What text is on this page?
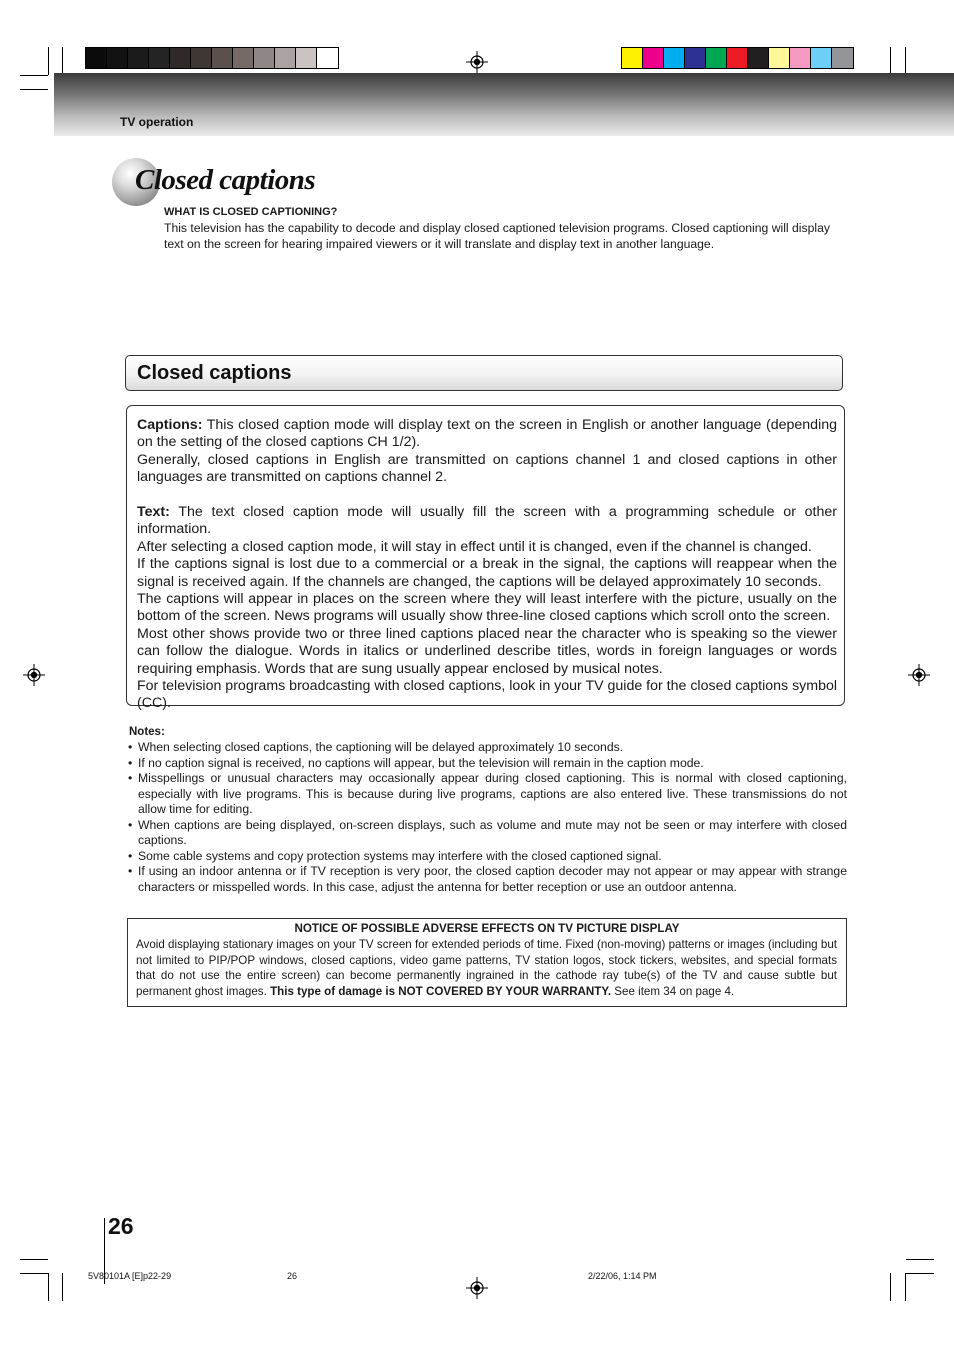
TV operation
Closed captions
WHAT IS CLOSED CAPTIONING?
This television has the capability to decode and display closed captioned television programs. Closed captioning will display text on the screen for hearing impaired viewers or it will translate and display text in another language.
Closed captions

Captions: This closed caption mode will display text on the screen in English or another language (depending on the setting of the closed captions CH 1/2).

Generally, closed captions in English are transmitted on captions channel 1 and closed captions in other languages are transmitted on captions channel 2.

Text: The text closed caption mode will usually fill the screen with a programming schedule or other information.

After selecting a closed caption mode, it will stay in effect until it is changed, even if the channel is changed.

If the captions signal is lost due to a commercial or a break in the signal, the captions will reappear when the signal is received again. If the channels are changed, the captions will be delayed approximately 10 seconds.

The captions will appear in places on the screen where they will least interfere with the picture, usually on the bottom of the screen. News programs will usually show three-line closed captions which scroll onto the screen.

Most other shows provide two or three lined captions placed near the character who is speaking so the viewer can follow the dialogue. Words in italics or underlined describe titles, words in foreign languages or words requiring emphasis. Words that are sung usually appear enclosed by musical notes.

For television programs broadcasting with closed captions, look in your TV guide for the closed captions symbol (CC).

Notes:
• When selecting closed captions, the captioning will be delayed approximately 10 seconds.
• If no caption signal is received, no captions will appear, but the television will remain in the caption mode.
• Misspellings or unusual characters may occasionally appear during closed captioning. This is normal with closed captioning, especially with live programs. This is because during live programs, captions are also entered live. These transmissions do not allow time for editing.
• When captions are being displayed, on-screen displays, such as volume and mute may not be seen or may interfere with closed captions.
• Some cable systems and copy protection systems may interfere with the closed captioned signal.
• If using an indoor antenna or if TV reception is very poor, the closed caption decoder may not appear or may appear with strange characters or misspelled words. In this case, adjust the antenna for better reception or use an outdoor antenna.
NOTICE OF POSSIBLE ADVERSE EFFECTS ON TV PICTURE DISPLAY
Avoid displaying stationary images on your TV screen for extended periods of time. Fixed (non-moving) patterns or images (including but not limited to PIP/POP windows, closed captions, video game patterns, TV station logos, stock tickers, websites, and special formats that do not use the entire screen) can become permanently ingrained in the cathode ray tube(s) of the TV and cause subtle but permanent ghost images. This type of damage is NOT COVERED BY YOUR WARRANTY. See item 34 on page 4.
26
5V80101A [E]p22-29	26	2/22/06, 1:14 PM
